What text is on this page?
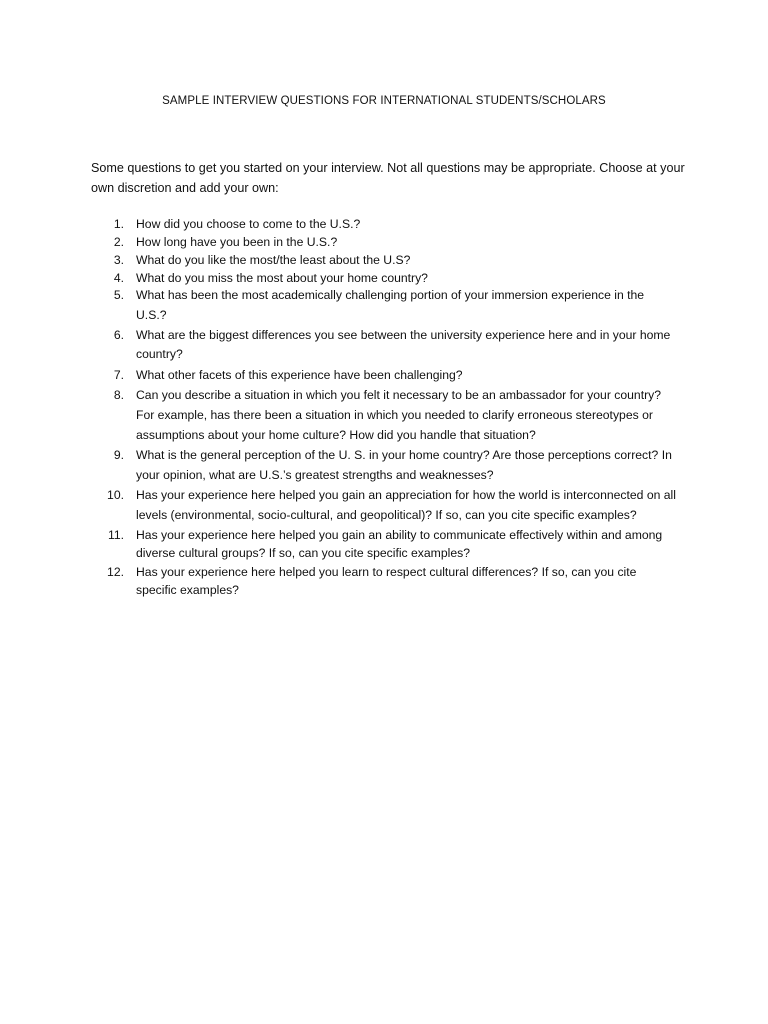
SAMPLE INTERVIEW QUESTIONS FOR INTERNATIONAL STUDENTS/SCHOLARS
Some questions to get you started on your interview. Not all questions may be appropriate. Choose at your own discretion and add your own:
1. How did you choose to come to the U.S.?
2. How long have you been in the U.S.?
3. What do you like the most/the least about the U.S?
4. What do you miss the most about your home country?
5. What has been the most academically challenging portion of your immersion experience in the U.S.?
6. What are the biggest differences you see between the university experience here and in your home country?
7. What other facets of this experience have been challenging?
8. Can you describe a situation in which you felt it necessary to be an ambassador for your country? For example, has there been a situation in which you needed to clarify erroneous stereotypes or assumptions about your home culture? How did you handle that situation?
9. What is the general perception of the U. S. in your home country? Are those perceptions correct? In your opinion, what are U.S.’s greatest strengths and weaknesses?
10. Has your experience here helped you gain an appreciation for how the world is interconnected on all levels (environmental, socio-cultural, and geopolitical)? If so, can you cite specific examples?
11. Has your experience here helped you gain an ability to communicate effectively within and among diverse cultural groups? If so, can you cite specific examples?
12. Has your experience here helped you learn to respect cultural differences? If so, can you cite specific examples?
